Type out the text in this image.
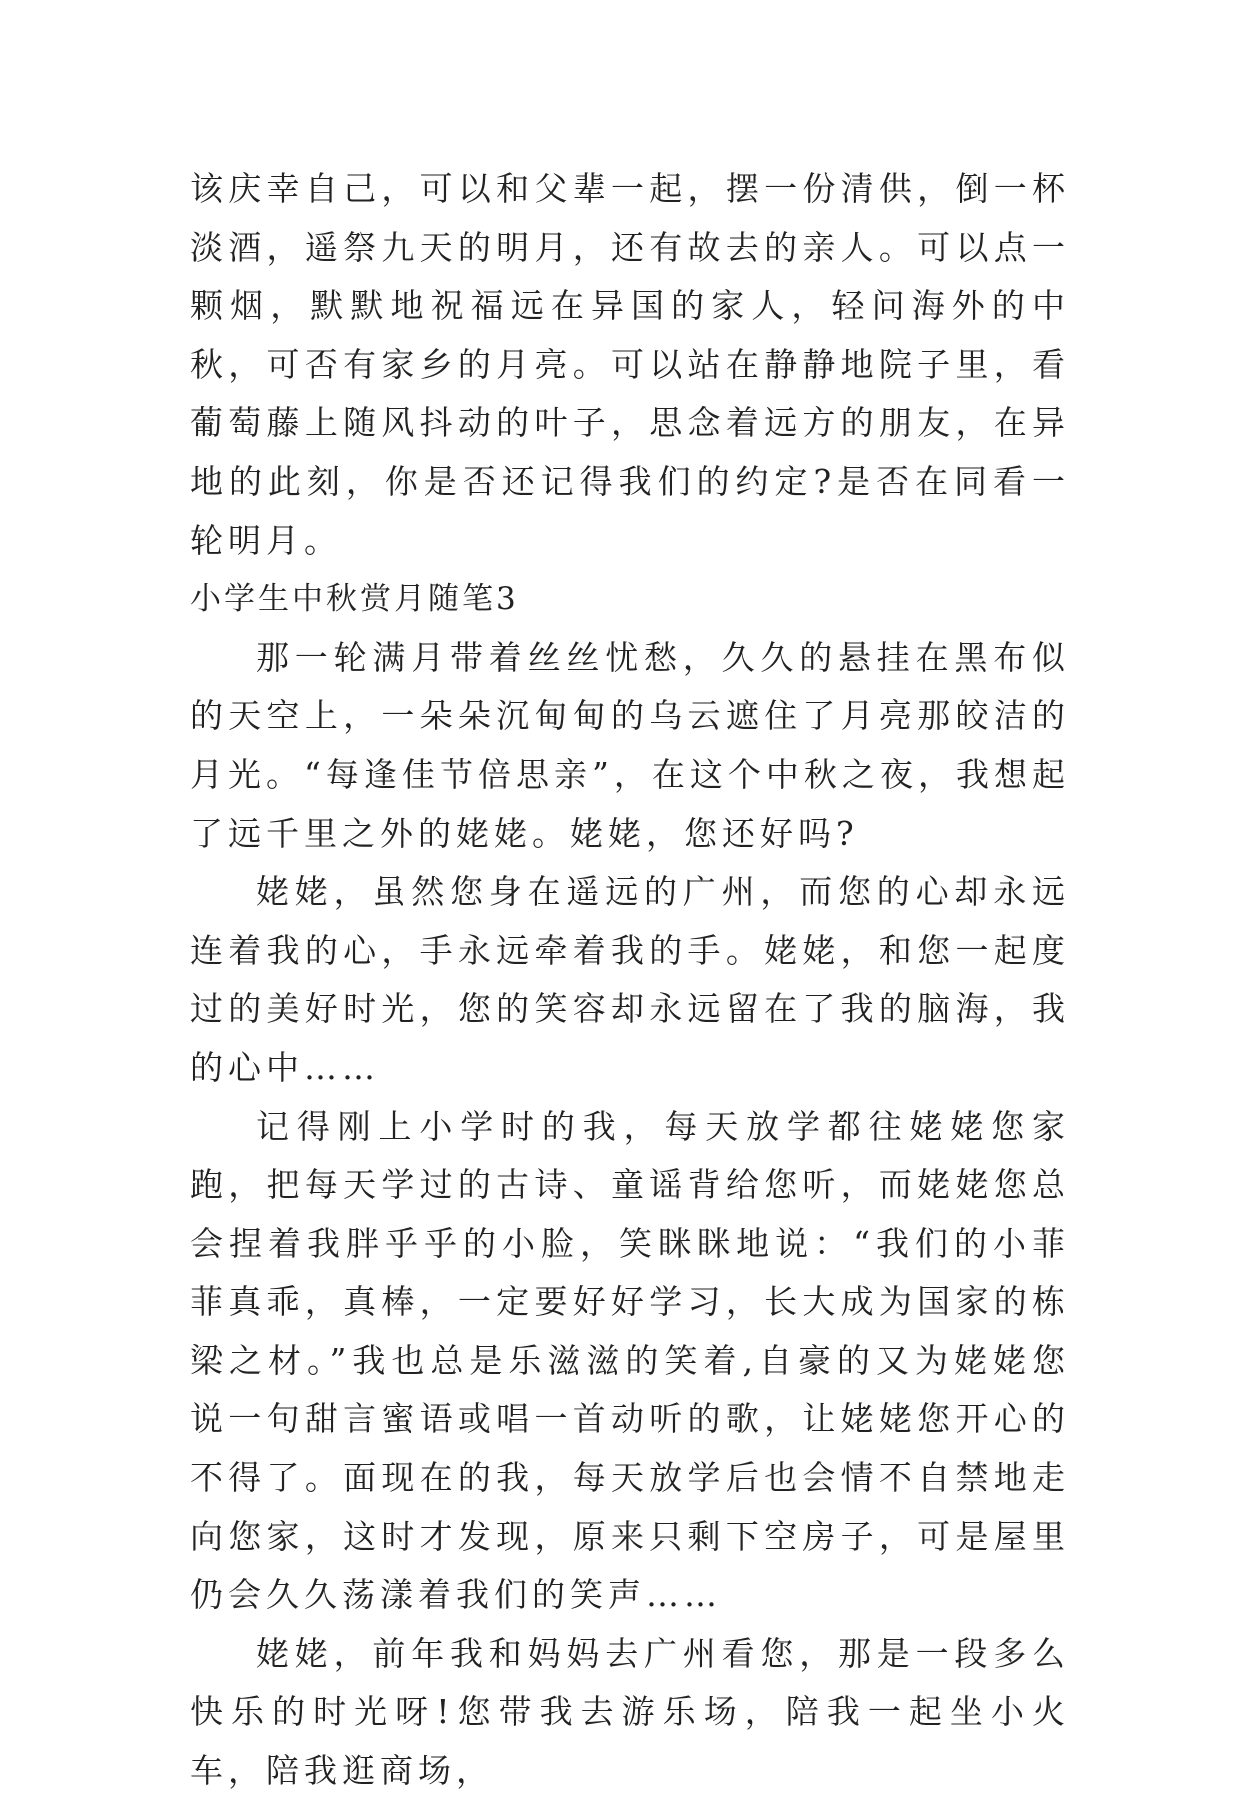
该庆幸自己，可以和父辈一起，摆一份清供，倒一杯淡酒，遥祭九天的明月，还有故去的亲人。可以点一颗烟，默默地祝福远在异国的家人，轻问海外的中秋，可否有家乡的月亮。可以站在静静地院子里，看葡萄藤上随风抖动的叶子，思念着远方的朋友，在异地的此刻，你是否还记得我们的约定?是否在同看一轮明月。

小学生中秋赏月随笔3

那一轮满月带着丝丝忧愁，久久的悬挂在黑布似的天空上，一朵朵沉甸甸的乌云遮住了月亮那皎洁的月光。“每逢佳节倍思亲”，在这个中秋之夜，我想起了远千里之外的姥姥。姥姥，您还好吗?

姥姥，虽然您身在遥远的广州，而您的心却永远连着我的心，手永远牵着我的手。姥姥，和您一起度过的美好时光，您的笑容却永远留在了我的脑海，我的心中……

记得刚上小学时的我，每天放学都往姥姥您家跑，把每天学过的古诗、童谣背给您听，而姥姥您总会捏着我胖乎乎的小脸，笑眯眯地说：“我们的小菲菲真乖，真棒，一定要好好学习，长大成为国家的栋梁之材。”我也总是乐滋滋的笑着,自豪的又为姥姥您说一句甜言蜜语或唱一首动听的歌，让姥姥您开心的不得了。面现在的我，每天放学后也会情不自禁地走向您家，这时才发现，原来只剩下空房子，可是屋里仍会久久荡漾着我们的笑声……

姥姥，前年我和妈妈去广州看您，那是一段多么快乐的时光呀!您带我去游乐场，陪我一起坐小火车，陪我逛商场，
